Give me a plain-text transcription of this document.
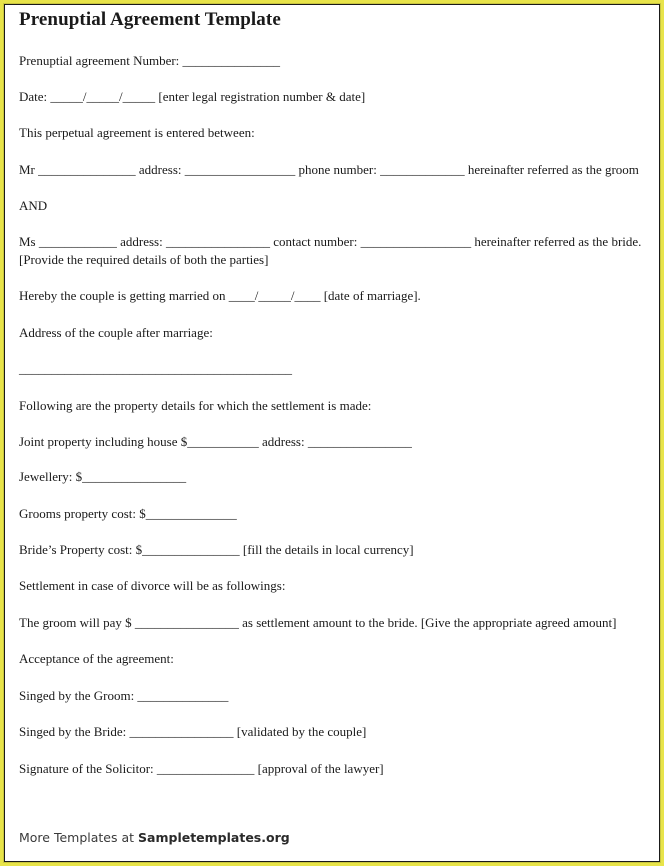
Prenuptial Agreement Template
Prenuptial agreement Number: _______________
Date: _____/_____/_____ [enter legal registration number & date]
This perpetual agreement is entered between:
Mr _______________ address: _________________ phone number: _____________ hereinafter referred as the groom
AND
Ms ____________ address: ________________ contact number: _________________ hereinafter referred as the bride.
[Provide the required details of both the parties]
Hereby the couple is getting married on ____/_____/____ [date of marriage].
Address of the couple after marriage:
__________________________________________
Following are the property details for which the settlement is made:
Joint property including house $___________ address: ________________
Jewellery: $________________
Grooms property cost: $______________
Bride’s Property cost: $_______________ [fill the details in local currency]
Settlement in case of divorce will be as followings:
The groom will pay $ ________________ as settlement amount to the bride. [Give the appropriate agreed amount]
Acceptance of the agreement:
Singed by the Groom: ______________
Singed by the Bride: ________________ [validated by the couple]
Signature of the Solicitor: _______________ [approval of the lawyer]
More Templates at Sampletemplates.org
